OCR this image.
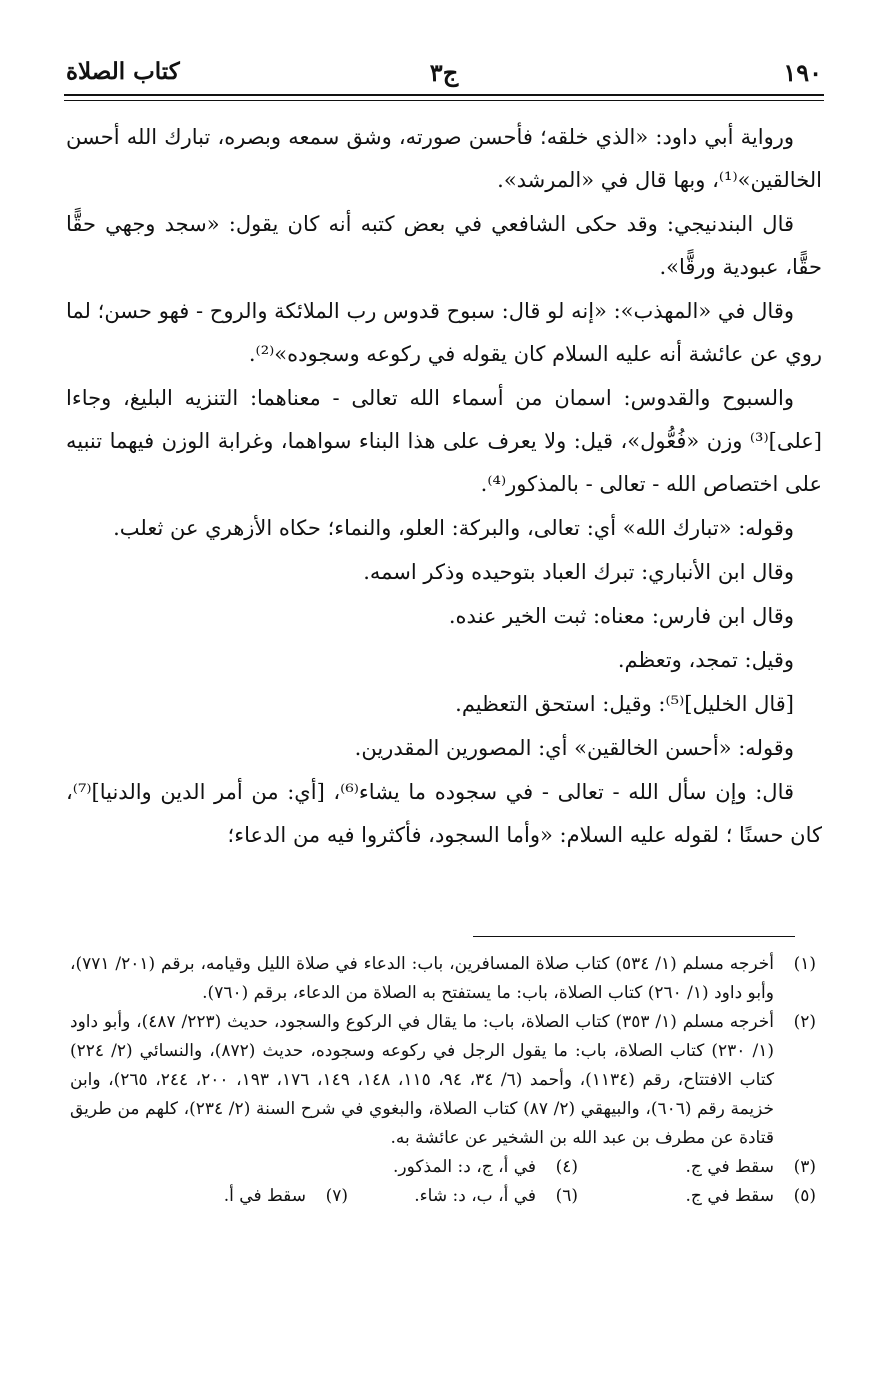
١٩٠
ج٣
كتاب الصلاة

ورواية أبي داود: «الذي خلقه؛ فأحسن صورته، وشق سمعه وبصره، تبارك الله أحسن الخالقين»⁽¹⁾، وبها قال في «المرشد».

قال البندنيجي: وقد حكى الشافعي في بعض كتبه أنه كان يقول: «سجد وجهي حقًّا حقًّا، عبودية ورقًّا».

وقال في «المهذب»: «إنه لو قال: سبوح قدوس رب الملائكة والروح - فهو حسن؛ لما روي عن عائشة أنه عليه السلام كان يقوله في ركوعه وسجوده»⁽²⁾.

والسبوح والقدوس: اسمان من أسماء الله تعالى - معناهما: التنزيه البليغ، وجاءا [على]⁽³⁾ وزن «فُعُّول»، قيل: ولا يعرف على هذا البناء سواهما، وغرابة الوزن فيهما تنبيه على اختصاص الله - تعالى - بالمذكور⁽⁴⁾.

وقوله: «تبارك الله» أي: تعالى، والبركة: العلو، والنماء؛ حكاه الأزهري عن ثعلب.

وقال ابن الأنباري: تبرك العباد بتوحيده وذكر اسمه.

وقال ابن فارس: معناه: ثبت الخير عنده.

وقيل: تمجد، وتعظم.

[قال الخليل]⁽⁵⁾: وقيل: استحق التعظيم.

وقوله: «أحسن الخالقين» أي: المصورين المقدرين.

قال: وإن سأل الله - تعالى - في سجوده ما يشاء⁽⁶⁾، [أي: من أمر الدين والدنيا]⁽⁷⁾، كان حسنًا ؛ لقوله عليه السلام: «وأما السجود، فأكثروا فيه من الدعاء؛

(١)
أخرجه مسلم (١/ ٥٣٤) كتاب صلاة المسافرين، باب: الدعاء في صلاة الليل وقيامه، برقم (٢٠١/ ٧٧١)، وأبو داود (١/ ٢٦٠) كتاب الصلاة، باب: ما يستفتح به الصلاة من الدعاء، برقم (٧٦٠).
(٢)
أخرجه مسلم (١/ ٣٥٣) كتاب الصلاة، باب: ما يقال في الركوع والسجود، حديث (٢٢٣/ ٤٨٧)، وأبو داود (١/ ٢٣٠) كتاب الصلاة، باب: ما يقول الرجل في ركوعه وسجوده، حديث (٨٧٢)، والنسائي (٢/ ٢٢٤) كتاب الافتتاح، رقم (١١٣٤)، وأحمد (٦/ ٣٤، ٩٤، ١١٥، ١٤٨، ١٤٩، ١٧٦، ١٩٣، ٢٠٠، ٢٤٤، ٢٦٥)، وابن خزيمة رقم (٦٠٦)، والبيهقي (٢/ ٨٧) كتاب الصلاة، والبغوي في شرح السنة (٢/ ٢٣٤)، كلهم من طريق قتادة عن مطرف بن عبد الله بن الشخير عن عائشة به.
(٣)
سقط في ج.
(٤)
في أ، ج، د: المذكور.
(٥)
سقط في ج.
(٦)
في أ، ب، د: شاء.
(٧)
سقط في أ.
